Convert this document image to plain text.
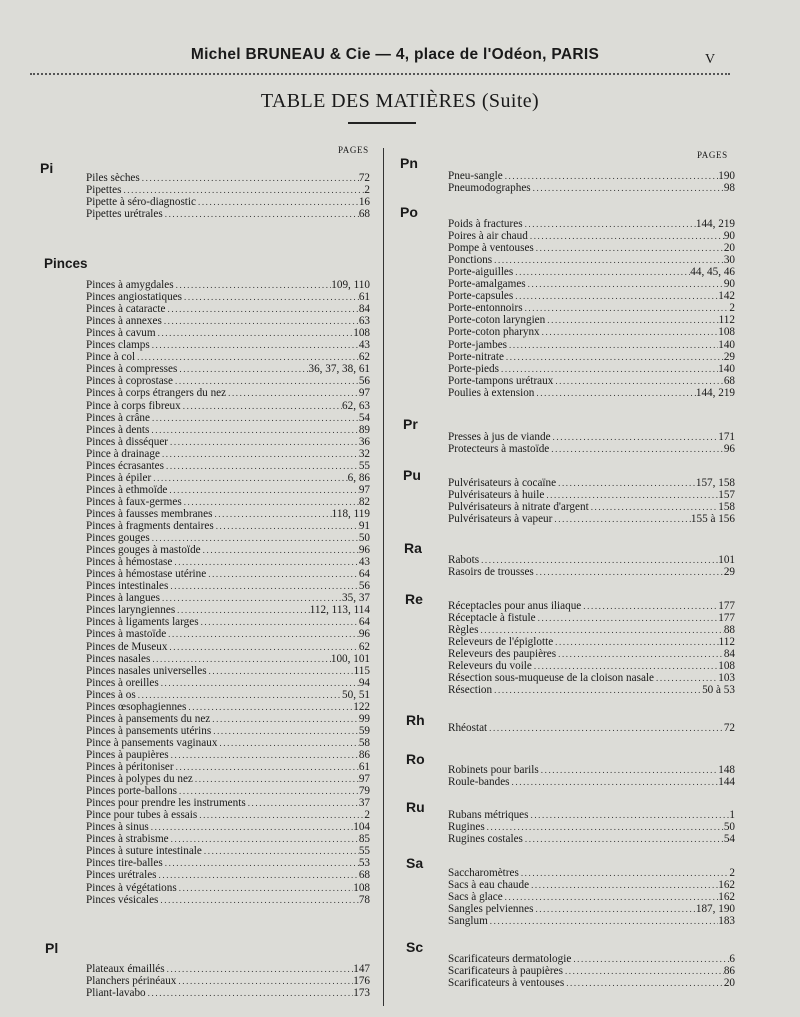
Michel BRUNEAU & Cie — 4, place de l'Odéon, PARIS	V
TABLE DES MATIÈRES (Suite)
PAGES	PAGES
Pi
Piles sèches .....	72
Pipettes .....	2
Pipette à séro-diagnostic .....	16
Pipettes urétrales .....	68
Pinces
Pinces à amygdales .....	109, 110
Pinces angiostatiques .....	61
Pinces à cataracte .....	84
Pinces à annexes .....	63
Pinces à cavum .....	108
Pinces clamps .....	43
Pince à col .....	62
Pinces à compresses .....	36, 37, 38, 61
Pinces à coprostase .....	56
Pinces à corps étrangers du nez .....	97
Pince à corps fibreux .....	62, 63
Pinces à crâne .....	54
Pinces à dents .....	89
Pinces à disséquer .....	36
Pince à drainage .....	32
Pinces écrasantes .....	55
Pinces à épiler .....	6, 86
Pinces à ethmoïde .....	97
Pinces à faux-germes .....	82
Pinces à fausses membranes .....	118, 119
Pinces à fragments dentaires .....	91
Pinces gouges .....	50
Pinces gouges à mastoïde .....	96
Pinces à hémostase .....	43
Pinces à hémostase utérine .....	64
Pinces intestinales .....	56
Pinces à langues .....	35, 37
Pinces laryngiennes .....	112, 113, 114
Pinces à ligaments larges .....	64
Pinces à mastoïde .....	96
Pinces de Museux .....	62
Pinces nasales .....	100, 101
Pinces nasales universelles .....	115
Pinces à oreilles .....	94
Pinces à os .....	50, 51
Pinces œsophagiennes .....	122
Pinces à pansements du nez .....	99
Pinces à pansements utérins .....	59
Pince à pansements vaginaux .....	58
Pinces à paupières .....	86
Pinces à péritoniser .....	61
Pinces à polypes du nez .....	97
Pinces porte-ballons .....	79
Pinces pour prendre les instruments .....	37
Pince pour tubes à essais .....	2
Pinces à sinus .....	104
Pinces à strabisme .....	85
Pinces à suture intestinale .....	55
Pinces tire-balles .....	53
Pinces urétrales .....	68
Pinces à végétations .....	108
Pinces vésicales .....	78
Pl
Plateaux émaillés .....	147
Planchers périnéaux .....	176
Pliant-lavabo .....	173
Pn
Pneu-sangle .....	190
Pneumodographes .....	98
Po
Poids à fractures .....	144, 219
Poires à air chaud .....	90
Pompe à ventouses .....	20
Ponctions .....	30
Porte-aiguilles .....	44, 45, 46
Porte-amalgames .....	90
Porte-capsules .....	142
Porte-entonnoirs .....	2
Porte-coton laryngien .....	112
Porte-coton pharynx .....	108
Porte-jambes .....	140
Porte-nitrate .....	29
Porte-pieds .....	140
Porte-tampons urétraux .....	68
Poulies à extension .....	144, 219
Pr
Presses à jus de viande .....	171
Protecteurs à mastoïde .....	96
Pu Pulvérisateurs à cocaïne .....	157, 158
Pulvérisateurs à huile .....	157
Pulvérisateurs à nitrate d'argent .....	158
Pulvérisateurs à vapeur .....	155 à 156
Ra
Rabots .....	101
Rasoirs de trousses .....	29
Re Réceptacles pour anus iliaque .....	177
Réceptacle à fistule .....	177
Règles .....	88
Releveurs de l'épiglotte .....	112
Releveurs des paupières .....	84
Releveurs du voile .....	108
Résection sous-muqueuse de la cloison nasale .....	103
Résection .....	50 à 53
Rh Rhéostat .....	72
Ro
Robinets pour barils .....	148
Roule-bandes .....	144
Ru Rubans métriques .....	1
Rugines .....	50
Rugines costales .....	54
Sa
Saccharomètres .....	2
Sacs à eau chaude .....	162
Sacs à glace .....	162
Sangles pelviennes .....	187, 190
Sanglum .....	183
Sc
Scarificateurs dermatologie .....	6
Scarificateurs à paupières .....	86
Scarificateurs à ventouses .....	20
